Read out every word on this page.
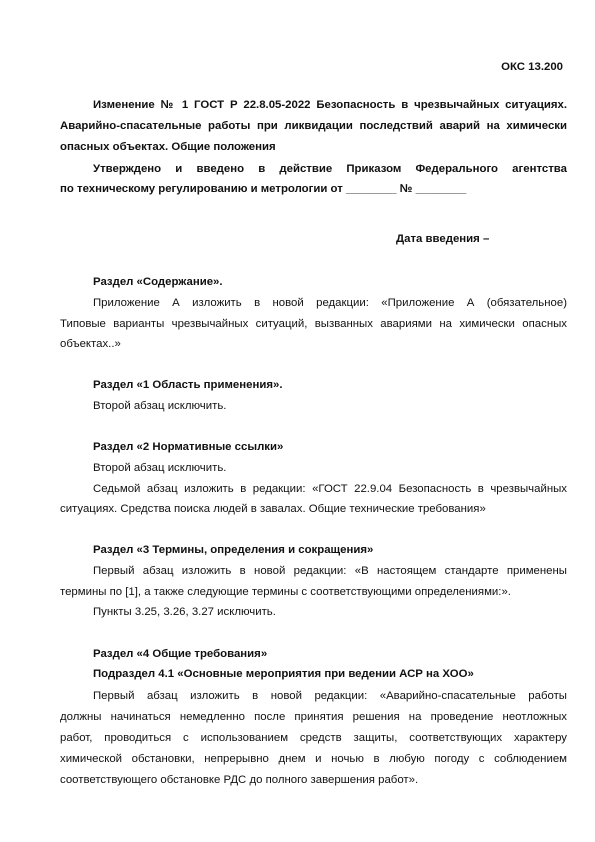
ОКС 13.200
Изменение № 1 ГОСТ Р 22.8.05-2022 Безопасность в чрезвычайных ситуациях.
Аварийно-спасательные работы при ликвидации последствий аварий на химически
опасных объектах. Общие положения
Утверждено и введено в действие Приказом Федерального агентства
по техническому регулированию и метрологии от ________ № ________
Дата введения –
Раздел «Содержание».
Приложение А изложить в новой редакции: «Приложение А (обязательное)
Типовые варианты чрезвычайных ситуаций, вызванных авариями на химически опасных
объектах..»
Раздел «1 Область применения».
Второй абзац исключить.
Раздел «2 Нормативные ссылки»
Второй абзац исключить.
Седьмой абзац изложить в редакции: «ГОСТ 22.9.04 Безопасность в чрезвычайных
ситуациях. Средства поиска людей в завалах. Общие технические требования»
Раздел «3 Термины, определения и сокращения»
Первый абзац изложить в новой редакции: «В настоящем стандарте применены
термины по [1], а также следующие термины с соответствующими определениями:».
Пункты 3.25, 3.26, 3.27 исключить.
Раздел «4 Общие требования»
Подраздел 4.1 «Основные мероприятия при ведении АСР на ХОО»
Первый абзац изложить в новой редакции: «Аварийно-спасательные работы
должны начинаться немедленно после принятия решения на проведение неотложных
работ, проводиться с использованием средств защиты, соответствующих характеру
химической обстановки, непрерывно днем и ночью в любую погоду с соблюдением
соответствующего обстановке РДС до полного завершения работ».
